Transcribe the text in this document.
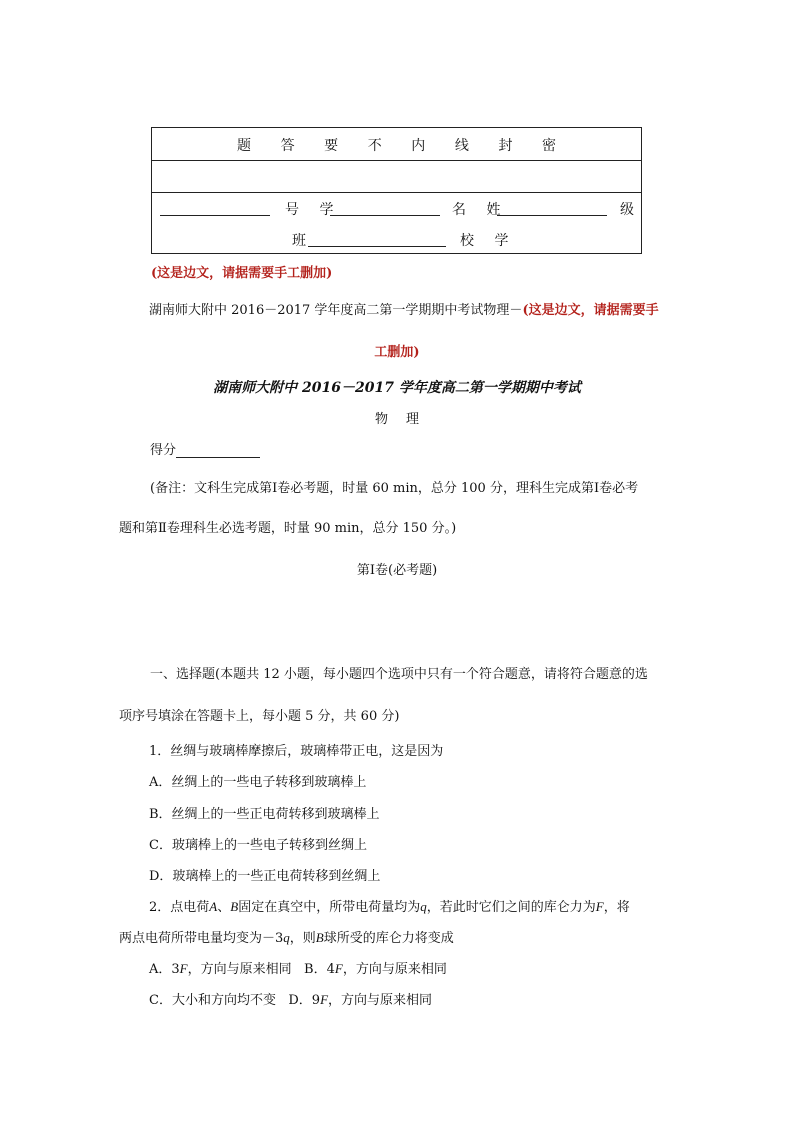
题 答 要 不 内 线 封 密
号 学	名 姓	级
班	校 学
(这是边文，请据需要手工删加)
湖南师大附中 2016－2017 学年度高二第一学期期中考试物理－(这是边文，请据需要手
工删加)
湖南师大附中 2016－2017 学年度高二第一学期期中考试
物理
得分
(备注：文科生完成第Ⅰ卷必考题，时量 60 min，总分 100 分，理科生完成第Ⅰ卷必考
题和第Ⅱ卷理科生必选考题，时量 90 min，总分 150 分。)
第Ⅰ卷(必考题)
一、选择题(本题共 12 小题，每小题四个选项中只有一个符合题意，请将符合题意的选
项序号填涂在答题卡上，每小题 5 分，共 60 分)
1．丝绸与玻璃棒摩擦后，玻璃棒带正电，这是因为
A．丝绸上的一些电子转移到玻璃棒上
B．丝绸上的一些正电荷转移到玻璃棒上
C．玻璃棒上的一些电子转移到丝绸上
D．玻璃棒上的一些正电荷转移到丝绸上
2．点电荷A、B固定在真空中，所带电荷量均为q，若此时它们之间的库仑力为F，将
两点电荷所带电量均变为－3q，则B球所受的库仑力将变成
A．3F，方向与原来相同 B．4F，方向与原来相同
C．大小和方向均不变 D．9F，方向与原来相同
